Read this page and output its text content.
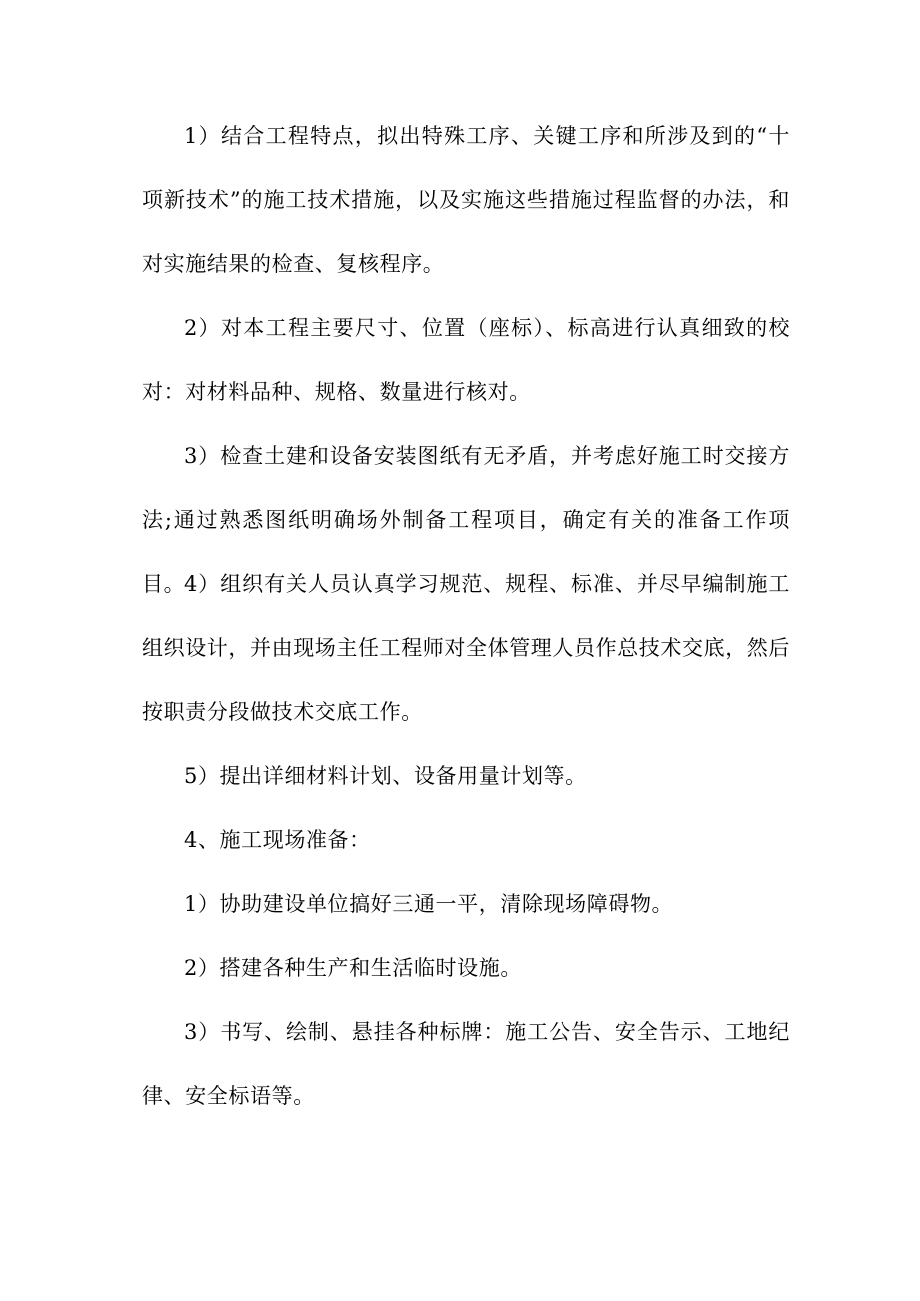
1）结合工程特点，拟出特殊工序、关键工序和所涉及到的“十项新技术”的施工技术措施，以及实施这些措施过程监督的办法，和对实施结果的检查、复核程序。

2）对本工程主要尺寸、位置（座标）、标高进行认真细致的校对：对材料品种、规格、数量进行核对。

3）检查土建和设备安装图纸有无矛盾，并考虑好施工时交接方法;通过熟悉图纸明确场外制备工程项目，确定有关的准备工作项目。

4）组织有关人员认真学习规范、规程、标准、并尽早编制施工组织设计，并由现场主任工程师对全体管理人员作总技术交底，然后按职责分段做技术交底工作。

5）提出详细材料计划、设备用量计划等。

4、施工现场准备：

1）协助建设单位搞好三通一平，清除现场障碍物。

2）搭建各种生产和生活临时设施。

3）书写、绘制、悬挂各种标牌：施工公告、安全告示、工地纪律、安全标语等。
